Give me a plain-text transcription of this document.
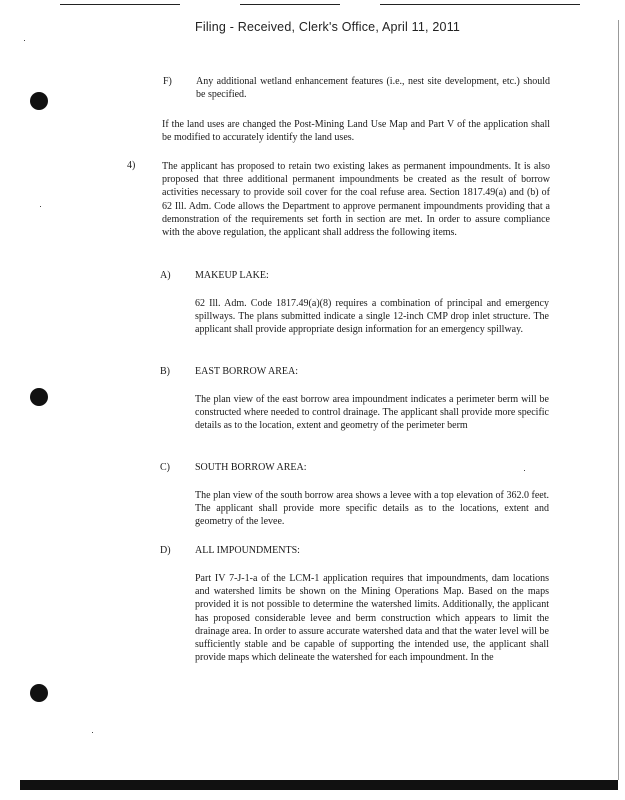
Filing - Received, Clerk's Office, April 11, 2011
F) Any additional wetland enhancement features (i.e., nest site development, etc.) should be specified.
If the land uses are changed the Post-Mining Land Use Map and Part V of the application shall be modified to accurately identify the land uses.
4)	The applicant has proposed to retain two existing lakes as permanent impoundments. It is also proposed that three additional permanent impoundments be created as the result of borrow activities necessary to provide soil cover for the coal refuse area. Section 1817.49(a) and (b) of 62 Ill. Adm. Code allows the Department to approve permanent impoundments providing that a demonstration of the requirements set forth in section are met. In order to assure compliance with the above regulation, the applicant shall address the following items.
A) MAKEUP LAKE:
62 Ill. Adm. Code 1817.49(a)(8) requires a combination of principal and emergency spillways. The plans submitted indicate a single 12-inch CMP drop inlet structure. The applicant shall provide appropriate design information for an emergency spillway.
B)	EAST BORROW AREA:
The plan view of the east borrow area impoundment indicates a perimeter berm will be constructed where needed to control drainage. The applicant shall provide more specific details as to the location, extent and geometry of the perimeter berm
C)	SOUTH BORROW AREA:
The plan view of the south borrow area shows a levee with a top elevation of 362.0 feet. The applicant shall provide more specific details as to the locations, extent and geometry of the levee.
D) ALL IMPOUNDMENTS:
Part IV 7-J-1-a of the LCM-1 application requires that impoundments, dam locations and watershed limits be shown on the Mining Operations Map. Based on the maps provided it is not possible to determine the watershed limits. Additionally, the applicant has proposed considerable levee and berm construction which appears to limit the drainage area. In order to assure accurate watershed data and that the water level will be sufficiently stable and be capable of supporting the intended use, the applicant shall provide maps which delineate the watershed for each impoundment. In the
